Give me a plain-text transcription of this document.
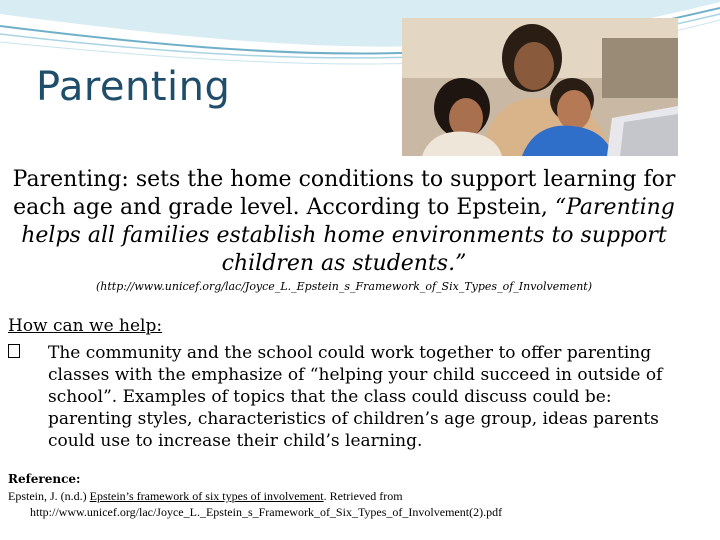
Parenting
Parenting: sets the home conditions to support learning for each age and grade level. According to Epstein, “Parenting helps all families establish home environments to support children as students.”
(http://www.unicef.org/lac/Joyce_L._Epstein_s_Framework_of_Six_Types_of_Involvement)
How can we help:
The community and the school could work together to offer parenting classes with the emphasize of “helping your child succeed in outside of school”. Examples of topics that the class could discuss could be: parenting styles, characteristics of children’s age group, ideas parents could use to increase their child’s learning.
Reference:
Epstein, J. (n.d.) Epstein’s framework of six types of involvement. Retrieved from
http://www.unicef.org/lac/Joyce_L._Epstein_s_Framework_of_Six_Types_of_Involvement(2).pdf
